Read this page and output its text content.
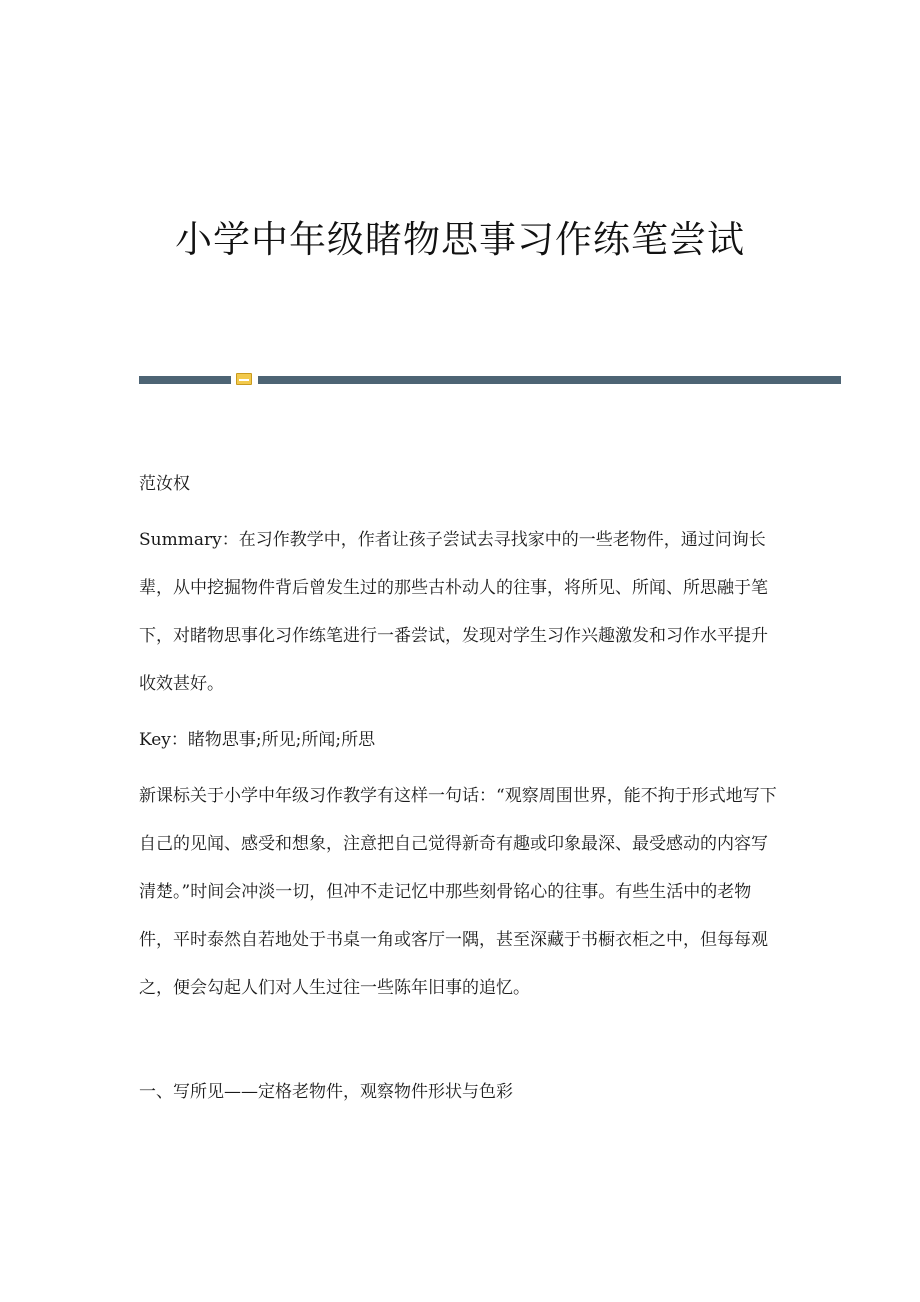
小学中年级睹物思事习作练笔尝试

范汝权

Summary：在习作教学中，作者让孩子尝试去寻找家中的一些老物件，通过问询长辈，从中挖掘物件背后曾发生过的那些古朴动人的往事，将所见、所闻、所思融于笔下，对睹物思事化习作练笔进行一番尝试，发现对学生习作兴趣激发和习作水平提升收效甚好。

Key：睹物思事;所见;所闻;所思

新课标关于小学中年级习作教学有这样一句话：“观察周围世界，能不拘于形式地写下自己的见闻、感受和想象，注意把自己觉得新奇有趣或印象最深、最受感动的内容写清楚。”时间会冲淡一切，但冲不走记忆中那些刻骨铭心的往事。有些生活中的老物件，平时泰然自若地处于书桌一角或客厅一隅，甚至深藏于书橱衣柜之中，但每每观之，便会勾起人们对人生过往一些陈年旧事的追忆。

一、写所见——定格老物件，观察物件形状与色彩
